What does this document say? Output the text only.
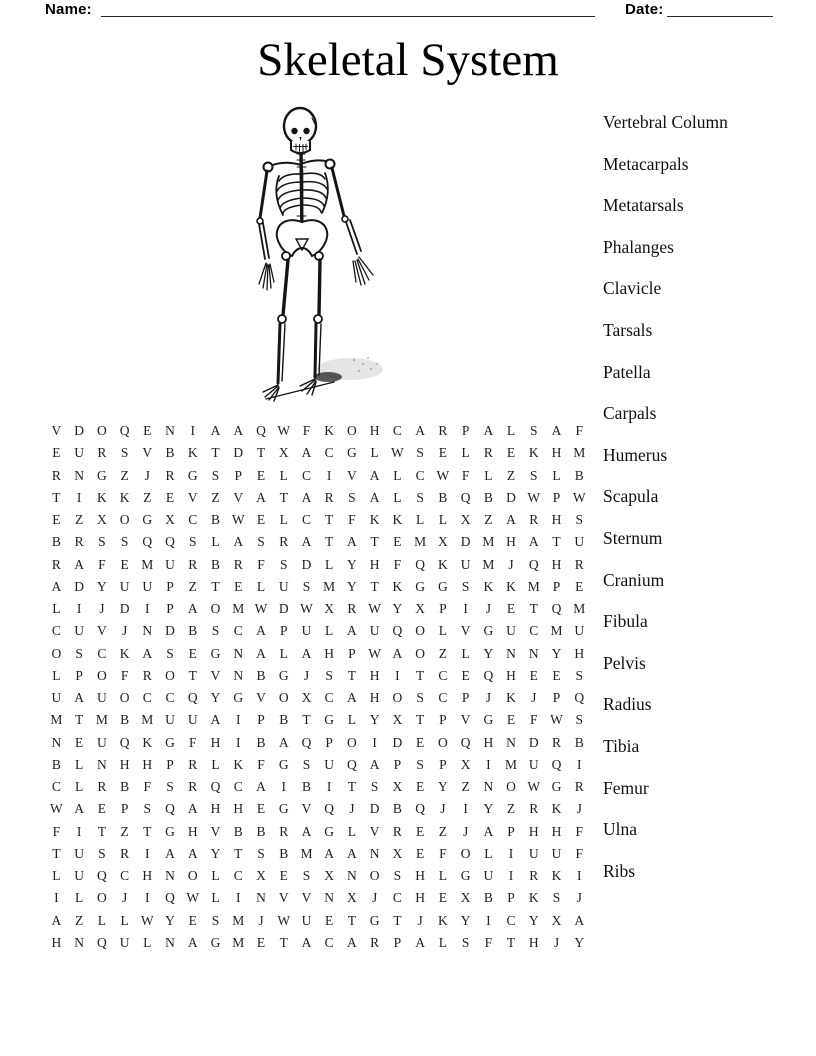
Name:	Date:
Skeletal System
Vertebral Column
Metacarpals
Metatarsals
Phalanges
Clavicle
Tarsals
Patella
Carpals
Humerus
Scapula
Sternum
Cranium
Fibula
Pelvis
Radius
Tibia
Femur
Ulna
Ribs
V D O Q	E	N	I	A A Q W F	K O H C A R	P	A	L	S	A	F
E	U R	S	V B K	T	D	T	X A C G	L W S	E	L	R	E	K H M
R N G	Z	J	R G	S	P	E	L	C	I	V A	L	C W F	L	Z	S	L	B
T	I	K K	Z	E	V	Z	V A	T	A R	S	A	L	S	B Q B D W P W
E	Z	X O G X C	B W E	L	C	T	F	K K	L	L	X	Z	A R H	S
B	R	S	S	Q Q	S	L	A	S	R A	T	A	T	E M X D M H A	T	U
R A	F	E M U R	B	R	F	S	D	L	Y H	F	Q K U M	J	Q H R
A D Y U U	P	Z	T	E	L	U	S M Y	T	K G G	S	K K M P	E
L	I	J	D	I	P	A O M W D W X R W Y X	P	I	J	E	T	Q M
C U V	J	N D B	S	C A	P	U	L	A U Q O	L	V G U C M U
O	S	C K A	S	E	G N A	L	A H	P W A O	Z	L	Y N N Y H
L	P	O	F	R O	T	V N B G	J	S	T	H	I	T	C	E	Q H	E	E	S
U A U O C	C Q Y G V O X C A H O	S	C	P	J	K	J	P	Q
M T M B M U U A	I	P	B	T	G	L	Y X	T	P	V G	E	F W S
N	E	U Q K G	F	H	I	B A Q	P	O	I	D	E	O Q H N D R	B
B	L	N H H	P	R	L	K	F	G	S	U Q A	P	S	P	X	I	M U Q	I
C	L	R	B	F	S	R Q C A	I	B	I	T	S	X	E	Y	Z	N O W G R
W A	E	P	S	Q A H H	E	G V Q	J	D B Q	J	I	Y	Z	R K	J
F	I	T	Z	T	G H V B	B	R A G	L	V R	E	Z	J	A	P	H H	F
T	U	S	R	I	A A Y	T	S	B M A A N X	E	F	O	L	I	U U	F
L	U Q C H N O	L	C X	E	S	X N O	S	H	L	G U	I	R K	I
I	L	O	J	I	Q W L	I	N V V N X	J	C H	E	X B	P	K	S	J
A	Z	L	L W Y	E	S M	J	W U	E	T	G	T	J	K Y	I	C Y X A
H N Q U	L	N A G M E	T	A C A R	P	A	L	S	F	T	H	J	Y
